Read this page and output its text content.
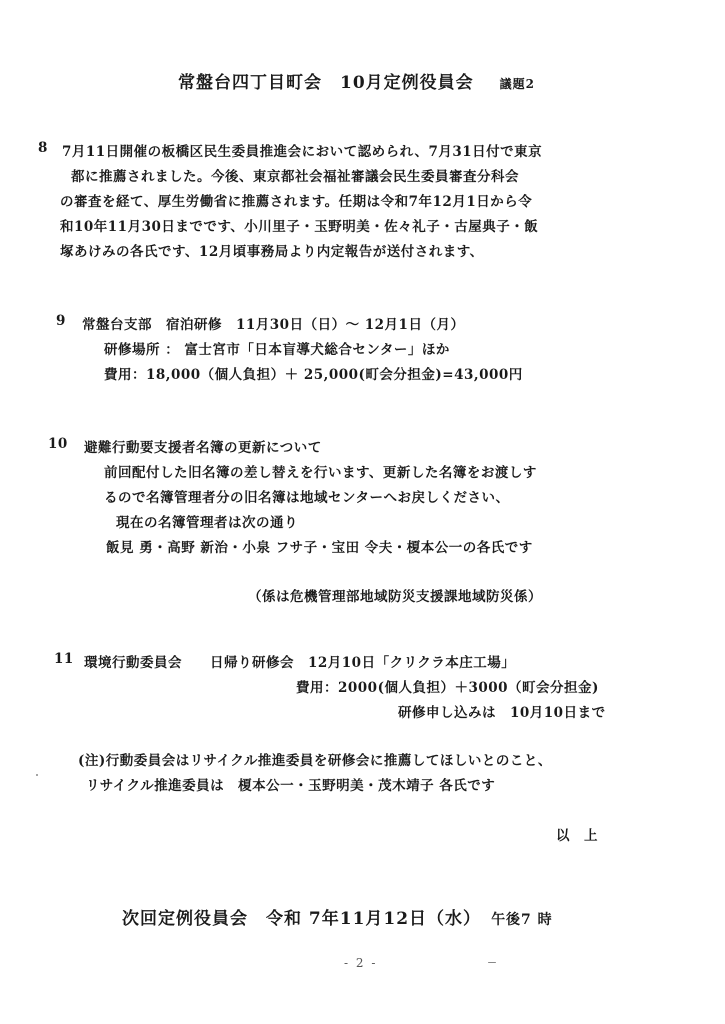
常盤台四丁目町会　10月定例役員会 議題2
8 7月11日開催の板橋区民生委員推進会において認められ、7月31日付で東京
都に推薦されました。今後、東京都社会福祉審議会民生委員審査分科会
の審査を経て、厚生労働省に推薦されます。任期は令和7年12月1日から令
和10年11月30日までです、小川里子・玉野明美・佐々礼子・古屋典子・飯
塚あけみの各氏です、12月頃事務局より内定報告が送付されます、
9 常盤台支部　宿泊研修　11月30日（日）～ 12月1日（月）
研修場所 ： 富士宮市「日本盲導犬総合センター」ほか
費用：18,000（個人負担）＋ 25,000(町会分担金)=43,000円
10 避難行動要支援者名簿の更新について
前回配付した旧名簿の差し替えを行います、更新した名簿をお渡しす
るので名簿管理者分の旧名簿は地域センターへお戻しください、
現在の名簿管理者は次の通り
飯見 勇・高野 新治・小泉 フサ子・宝田 令夫・榎本公一の各氏です
（係は危機管理部地域防災支援課地域防災係）
11 環境行動委員会　　日帰り研修会　12月10日「クリクラ本庄工場」
費用：2000(個人負担）＋3000（町会分担金)
研修申し込みは　10月10日まで
(注)行動委員会はリサイクル推進委員を研修会に推薦してほしいとのこと、
リサイクル推進委員は　榎本公一・玉野明美・茂木靖子 各氏です
以　上
次回定例役員会　令和 7年11月12日（水） 午後7 時
- 2 -
